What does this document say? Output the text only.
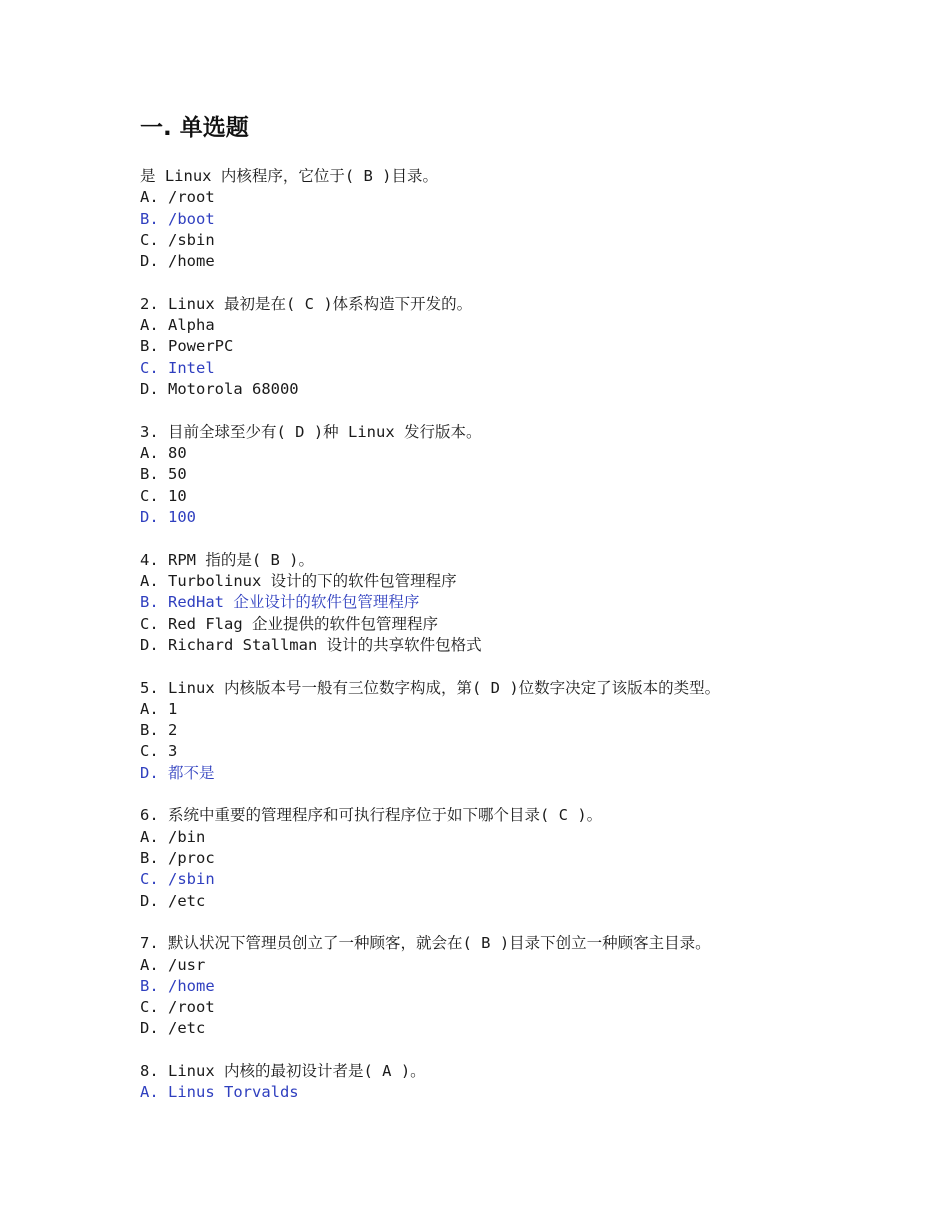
一. 单选题
是 Linux 内核程序，它位于( B )目录。
A. /root
B. /boot
C. /sbin
D. /home
2. Linux 最初是在( C )体系构造下开发的。
A. Alpha
B. PowerPC
C. Intel
D. Motorola 68000
3. 目前全球至少有( D )种 Linux 发行版本。
A. 80
B. 50
C. 10
D. 100
4. RPM 指的是( B )。
A. Turbolinux 设计的下的软件包管理程序
B. RedHat 企业设计的软件包管理程序
C. Red Flag 企业提供的软件包管理程序
D. Richard Stallman 设计的共享软件包格式
5. Linux 内核版本号一般有三位数字构成，第( D )位数字决定了该版本的类型。
A. 1
B. 2
C. 3
D. 都不是
6. 系统中重要的管理程序和可执行程序位于如下哪个目录( C )。
A. /bin
B. /proc
C. /sbin
D. /etc
7. 默认状况下管理员创立了一种顾客，就会在( B )目录下创立一种顾客主目录。
A. /usr
B. /home
C. /root
D. /etc
8. Linux 内核的最初设计者是( A )。
A. Linus Torvalds
